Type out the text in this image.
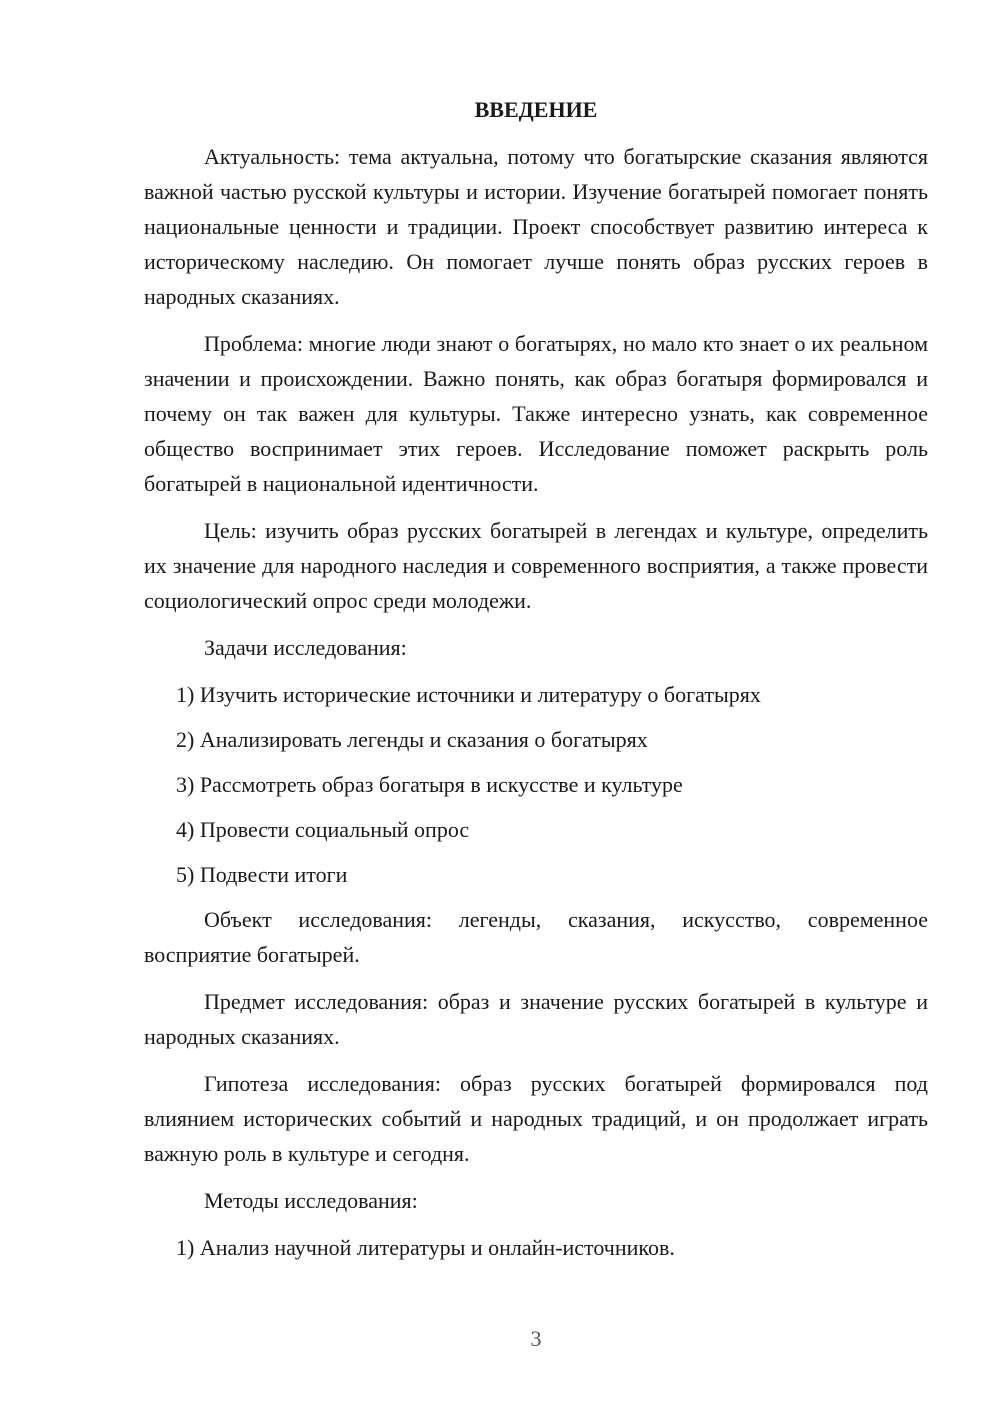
ВВЕДЕНИЕ

Актуальность: тема актуальна, потому что богатырские сказания являются важной частью русской культуры и истории. Изучение богатырей помогает понять национальные ценности и традиции. Проект способствует развитию интереса к историческому наследию. Он помогает лучше понять образ русских героев в народных сказаниях.

Проблема: многие люди знают о богатырях, но мало кто знает о их реальном значении и происхождении. Важно понять, как образ богатыря формировался и почему он так важен для культуры. Также интересно узнать, как современное общество воспринимает этих героев. Исследование поможет раскрыть роль богатырей в национальной идентичности.

Цель: изучить образ русских богатырей в легендах и культуре, определить их значение для народного наследия и современного восприятия, а также провести социологический опрос среди молодежи.

Задачи исследования:

1) Изучить исторические источники и литературу о богатырях
2) Анализировать легенды и сказания о богатырях
3) Рассмотреть образ богатыря в искусстве и культуре
4) Провести социальный опрос
5) Подвести итоги

Объект исследования: легенды, сказания, искусство, современное восприятие богатырей.

Предмет исследования: образ и значение русских богатырей в культуре и народных сказаниях.

Гипотеза исследования: образ русских богатырей формировался под влиянием исторических событий и народных традиций, и он продолжает играть важную роль в культуре и сегодня.

Методы исследования:

1) Анализ научной литературы и онлайн-источников.
3
